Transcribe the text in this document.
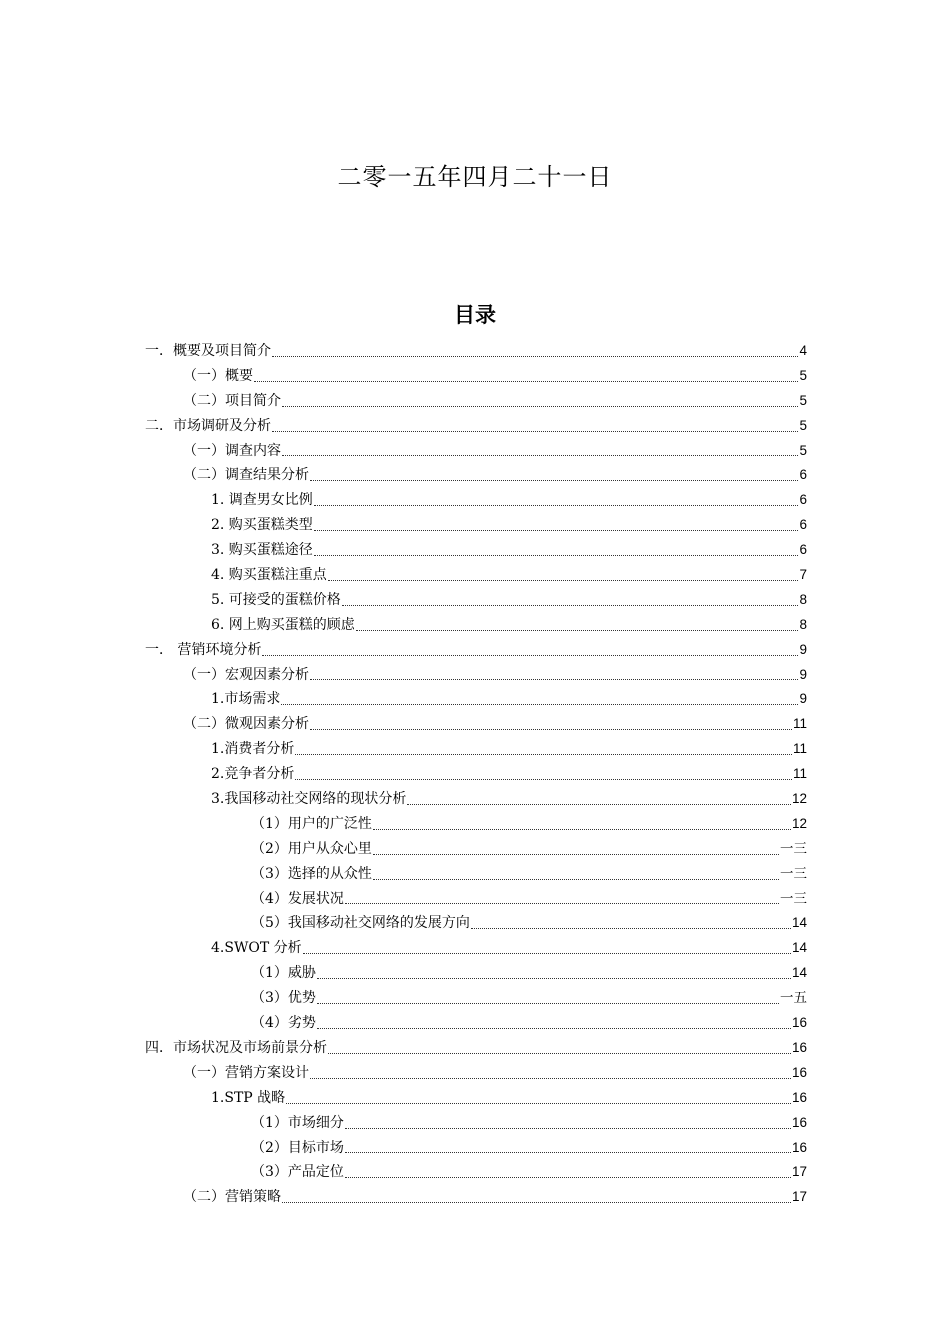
二零一五年四月二十一日
目录
一．概要及项目简介	4
（一）概要	5
（二）项目简介	5
二．市场调研及分析	5
（一）调查内容	5
（二）调查结果分析	6
1. 调查男女比例	6
2. 购买蛋糕类型	6
3. 购买蛋糕途径	6
4. 购买蛋糕注重点	7
5. 可接受的蛋糕价格	8
6. 网上购买蛋糕的顾虑	8
一． 营销环境分析	9
（一）宏观因素分析	9
1.市场需求	9
（二）微观因素分析	11
1.消费者分析	11
2.竞争者分析	11
3.我国移动社交网络的现状分析	12
（1）用户的广泛性	12
（2）用户从众心里	一三
（3）选择的从众性	一三
（4）发展状况	一三
（5）我国移动社交网络的发展方向	14
4.SWOT 分析	14
（1）威胁	14
（3）优势	一五
（4）劣势	16
四．市场状况及市场前景分析	16
（一）营销方案设计	16
1.STP 战略	16
（1）市场细分	16
（2）目标市场	16
（3）产品定位	17
（二）营销策略	17
